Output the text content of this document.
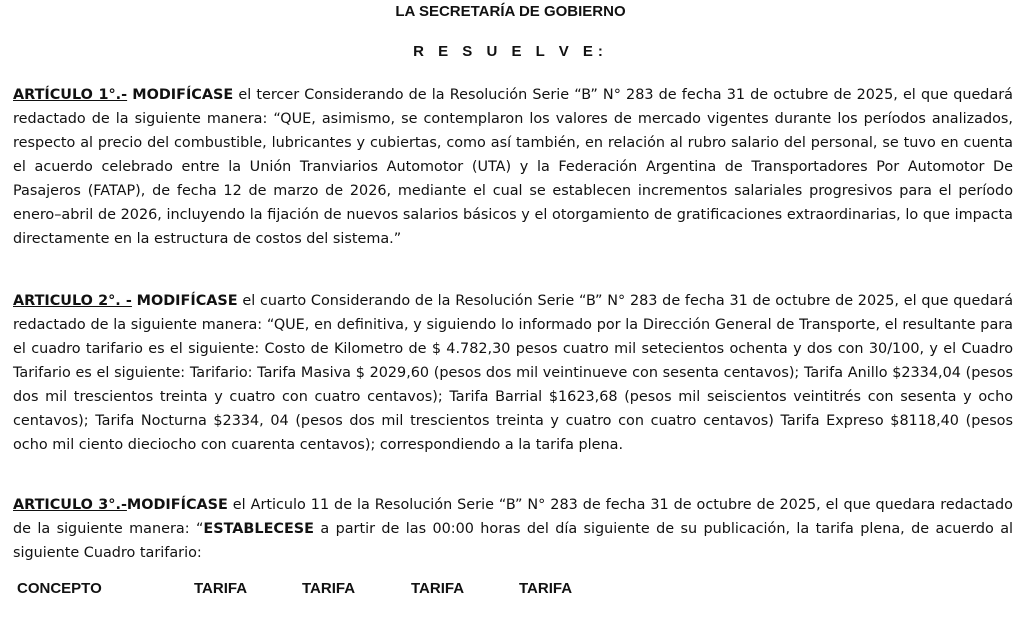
LA SECRETARÍA DE GOBIERNO
R E S U E L V E:

ARTÍCULO 1°.- MODIFÍCASE el tercer Considerando de la Resolución Serie “B” N° 283 de fecha 31 de octubre de 2025, el que quedará redactado de la siguiente manera: “QUE, asimismo, se contemplaron los valores de mercado vigentes durante los períodos analizados, respecto al precio del combustible, lubricantes y cubiertas, como así también, en relación al rubro salario del personal, se tuvo en cuenta el acuerdo celebrado entre la Unión Tranviarios Automotor (UTA) y la Federación Argentina de Transportadores Por Automotor De Pasajeros (FATAP), de fecha 12 de marzo de 2026, mediante el cual se establecen incrementos salariales progresivos para el período enero–abril de 2026, incluyendo la fijación de nuevos salarios básicos y el otorgamiento de gratificaciones extraordinarias, lo que impacta directamente en la estructura de costos del sistema.”

ARTICULO 2°. - MODIFÍCASE el cuarto Considerando de la Resolución Serie “B” N° 283 de fecha 31 de octubre de 2025, el que quedará redactado de la siguiente manera: “QUE, en definitiva, y siguiendo lo informado por la Dirección General de Transporte, el resultante para el cuadro tarifario es el siguiente: Costo de Kilometro de $ 4.782,30 pesos cuatro mil setecientos ochenta y dos con 30/100, y el Cuadro Tarifario es el siguiente: Tarifario: Tarifa Masiva $ 2029,60 (pesos dos mil veintinueve con sesenta centavos); Tarifa Anillo $2334,04 (pesos dos mil trescientos treinta y cuatro con cuatro centavos); Tarifa Barrial $1623,68 (pesos mil seiscientos veintitrés con sesenta y ocho centavos); Tarifa Nocturna $2334, 04 (pesos dos mil trescientos treinta y cuatro con cuatro centavos) Tarifa Expreso $8118,40 (pesos ocho mil ciento dieciocho con cuarenta centavos); correspondiendo a la tarifa plena.

ARTICULO 3°.-MODIFÍCASE el Articulo 11 de la Resolución Serie “B” N° 283 de fecha 31 de octubre de 2025, el que quedara redactado de la siguiente manera: “ESTABLECESE a partir de las 00:00 horas del día siguiente de su publicación, la tarifa plena, de acuerdo al siguiente Cuadro tarifario:

CONCEPTO	TARIFA	TARIFA	TARIFA	TARIFA
